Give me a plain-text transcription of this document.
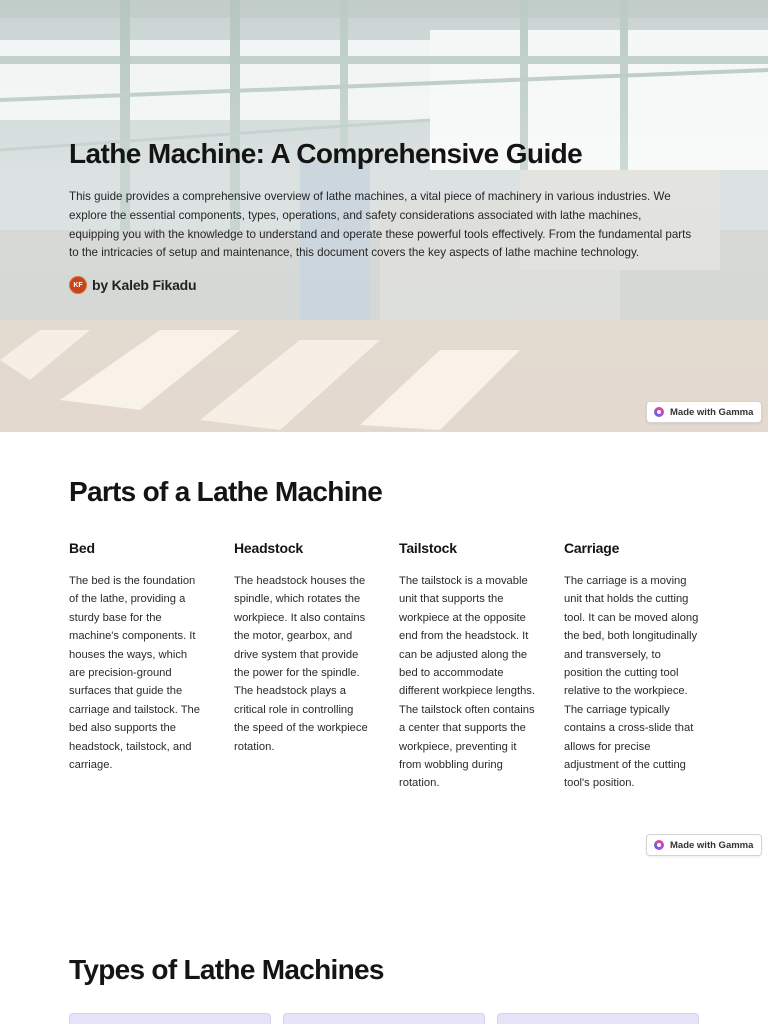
Lathe Machine: A Comprehensive Guide

This guide provides a comprehensive overview of lathe machines, a vital piece of machinery in various industries. We explore the essential components, types, operations, and safety considerations associated with lathe machines, equipping you with the knowledge to understand and operate these powerful tools effectively. From the fundamental parts to the intricacies of setup and maintenance, this document covers the key aspects of lathe machine technology.

KF by Kaleb Fikadu
Made with Gamma
Parts of a Lathe Machine
Bed

The bed is the foundation of the lathe, providing a sturdy base for the machine's components. It houses the ways, which are precision-ground surfaces that guide the carriage and tailstock. The bed also supports the headstock, tailstock, and carriage.

Headstock

The headstock houses the spindle, which rotates the workpiece. It also contains the motor, gearbox, and drive system that provide the power for the spindle. The headstock plays a critical role in controlling the speed of the workpiece rotation.

Tailstock

The tailstock is a movable unit that supports the workpiece at the opposite end from the headstock. It can be adjusted along the bed to accommodate different workpiece lengths. The tailstock often contains a center that supports the workpiece, preventing it from wobbling during rotation.

Carriage

The carriage is a moving unit that holds the cutting tool. It can be moved along the bed, both longitudinally and transversely, to position the cutting tool relative to the workpiece. The carriage typically contains a cross-slide that allows for precise adjustment of the cutting tool's position.

Made with Gamma
Types of Lathe Machines
